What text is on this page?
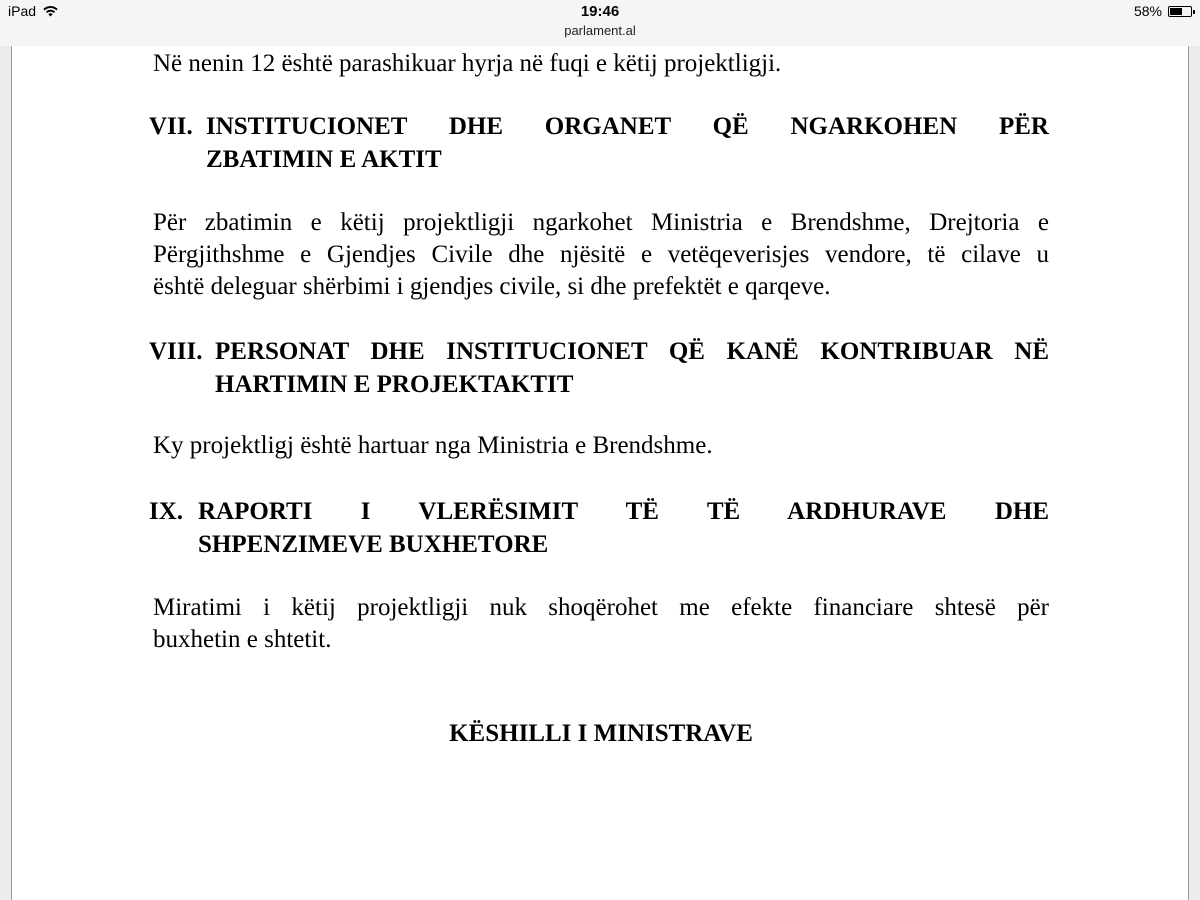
iPad	19:46
parlament.al
58%
Në nenin 12 është parashikuar hyrja në fuqi e këtij projektligji.
VII. INSTITUCIONET DHE ORGANET QË NGARKOHEN PËR
ZBATIMIN E AKTIT
Për zbatimin e këtij projektligji ngarkohet Ministria e Brendshme, Drejtoria e
Përgjithshme e Gjendjes Civile dhe njësitë e vetëqeverisjes vendore, të cilave u
është deleguar shërbimi i gjendjes civile, si dhe prefektët e qarqeve.
VIII. PERSONAT DHE INSTITUCIONET QË KANË KONTRIBUAR NË
HARTIMIN E PROJEKTAKTIT
Ky projektligj është hartuar nga Ministria e Brendshme.
IX. RAPORTI I VLERËSIMIT TË TË ARDHURAVE DHE
SHPENZIMEVE BUXHETORE
Miratimi i këtij projektligji nuk shoqërohet me efekte financiare shtesë për
buxhetin e shtetit.
KËSHILLI I MINISTRAVE
